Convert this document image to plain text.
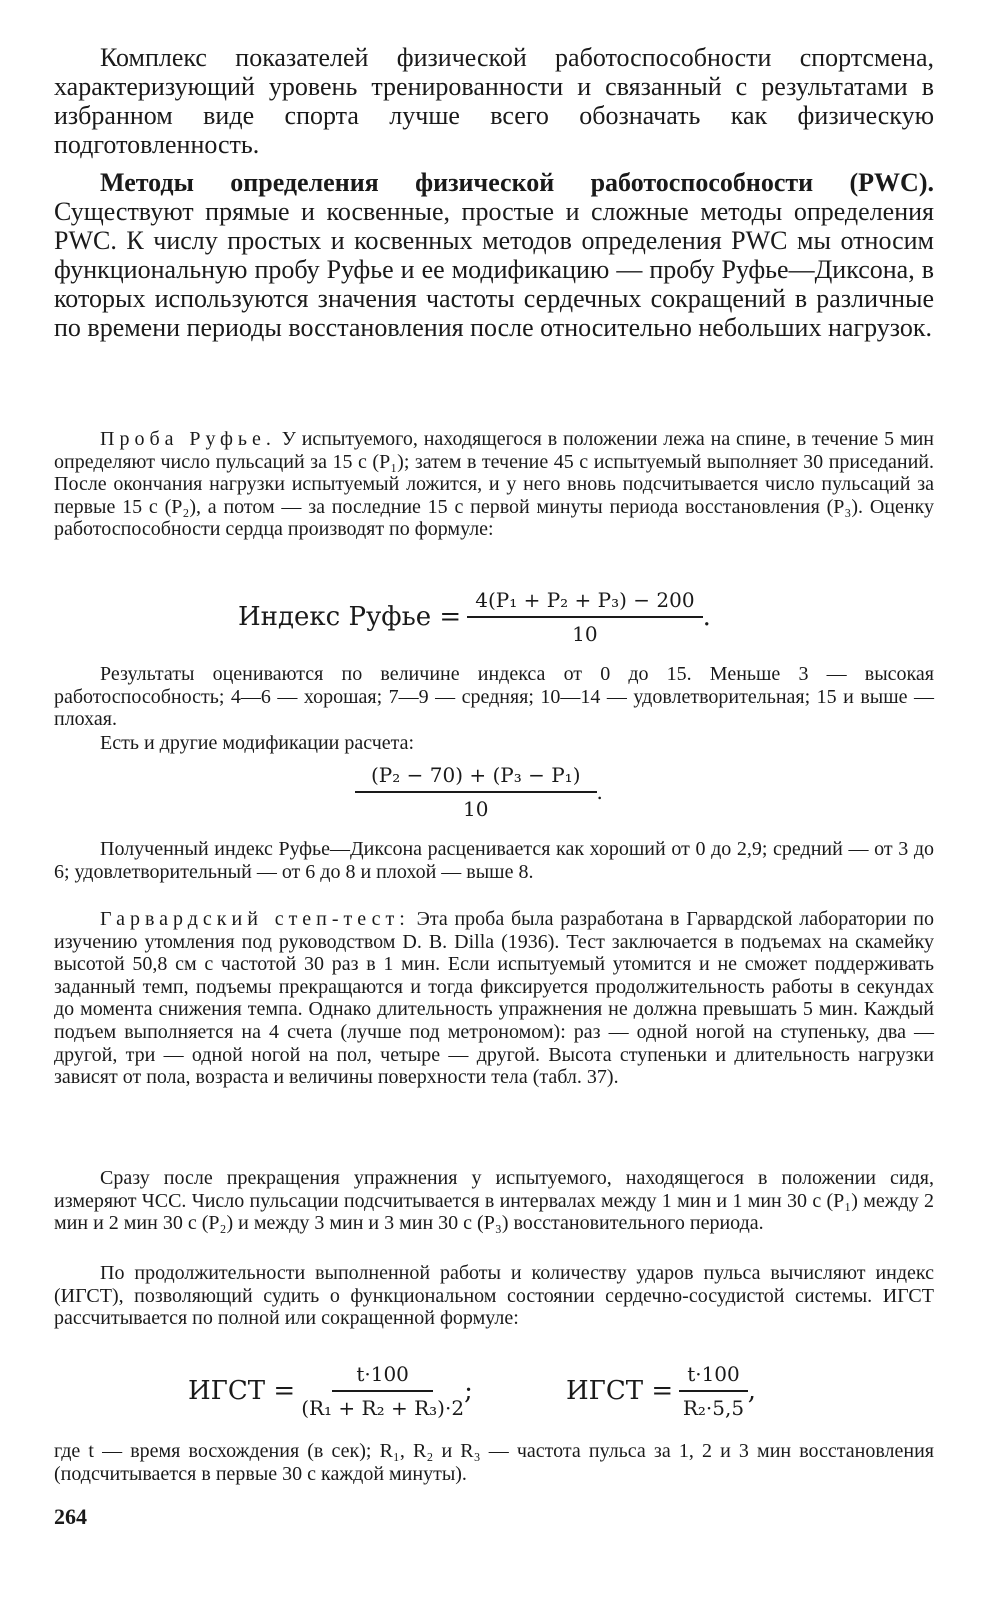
Комплекс показателей физической работоспособности спортсмена, характеризующий уровень тренированности и связанный с результатами в избранном виде спорта лучше всего обозначать как физическую подготовленность.

Методы определения физической работоспособности (PWC). Существуют прямые и косвенные, простые и сложные методы определения PWC. К числу простых и косвенных методов определения PWC мы относим функциональную пробу Руфье и ее модификацию — пробу Руфье—Диксона, в которых используются значения частоты сердечных сокращений в различные по времени периоды восстановления после относительно небольших нагрузок.

Проба Руфье. У испытуемого, находящегося в положении лежа на спине, в течение 5 мин определяют число пульсаций за 15 с (P₁); затем в течение 45 с испытуемый выполняет 30 приседаний. После окончания нагрузки испытуемый ложится, и у него вновь подсчитывается число пульсаций за первые 15 с (P₂), а потом — за последние 15 с первой минуты периода восстановления (P₃). Оценку работоспособности сердца производят по формуле:

Индекс Руфье = $\frac{\text{4(P₁ + P₂ + P₃) − 200}}{10}$ .

Результаты оцениваются по величине индекса от 0 до 15. Меньше 3 — высокая работоспособность; 4—6 — хорошая; 7—9 — средняя; 10—14 — удовлетворительная; 15 и выше — плохая.

Есть и другие модификации расчета:

$\frac{\text{(P₂ − 70) + (P₃ − P₁)}}{10}$ .

Полученный индекс Руфье—Диксона расценивается как хороший от 0 до 2,9; средний — от 3 до 6; удовлетворительный — от 6 до 8 и плохой — выше 8.

Гарвардский степ-тест: Эта проба была разработана в Гарвардской лаборатории по изучению утомления под руководством D. B. Dilla (1936). Тест заключается в подъемах на скамейку высотой 50,8 см с частотой 30 раз в 1 мин. Если испытуемый утомится и не сможет поддерживать заданный темп, подъемы прекращаются и тогда фиксируется продолжительность работы в секундах до момента снижения темпа. Однако длительность упражнения не должна превышать 5 мин. Каждый подъем выполняется на 4 счета (лучше под метрономом): раз — одной ногой на ступеньку, два — другой, три — одной ногой на пол, четыре — другой. Высота ступеньки и длительность нагрузки зависят от пола, возраста и величины поверхности тела (табл. 37).

Сразу после прекращения упражнения у испытуемого, находящегося в положении сидя, измеряют ЧСС. Число пульсации подсчитывается в интервалах между 1 мин и 1 мин 30 с (P₁) между 2 мин и 2 мин 30 с (P₂) и между 3 мин и 3 мин 30 с (P₃) восстановительного периода.

По продолжительности выполненной работы и количеству ударов пульса вычисляют индекс (ИГСТ), позволяющий судить о функциональном состоянии сердечно-сосудистой системы. ИГСТ рассчитывается по полной или сокращенной формуле:

ИГСТ = $\frac{t\cdot 100}{\text{(R₁ + R₂ + R₃)·2}}$ ;	ИГСТ = $\frac{t\cdot 100}{\text{R₂·5,5}}$ ,

где t — время восхождения (в сек); R₁, R₂ и R₃ — частота пульса за 1, 2 и 3 мин восстановления (подсчитывается в первые 30 с каждой минуты).

264
